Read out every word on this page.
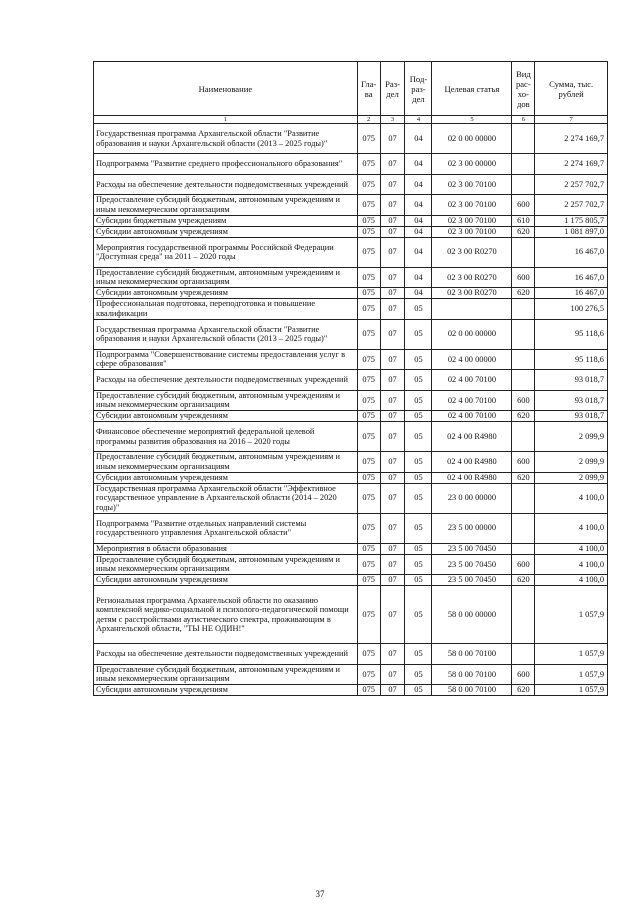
Наименование	Гла-ва	Раз-дел	Под-раз-дел	Целевая статья	Вид рас-хо-дов	Сумма, тыс. рублей
1	2	3	4	5	6	7
Государственная программа Архангельской области "Развитие образования и науки Архангельской области (2013 – 2025 годы)"	075	07	04	02 0 00 00000		2 274 169,7
Подпрограмма "Развитие среднего профессионального образования"	075	07	04	02 3 00 00000		2 274 169,7
Расходы на обеспечение деятельности подведомственных учреждений	075	07	04	02 3 00 70100		2 257 702,7
Предоставление субсидий бюджетным, автономным учреждениям и иным некоммерческим организациям	075	07	04	02 3 00 70100	600	2 257 702,7
Субсидии бюджетным учреждениям	075	07	04	02 3 00 70100	610	1 175 805,7
Субсидии автономным учреждениям	075	07	04	02 3 00 70100	620	1 081 897,0
Мероприятия государственной программы Российской Федерации "Доступная среда" на 2011 – 2020 годы	075	07	04	02 3 00 R0270		16 467,0
Предоставление субсидий бюджетным, автономным учреждениям и иным некоммерческим организациям	075	07	04	02 3 00 R0270	600	16 467,0
Субсидии автономным учреждениям	075	07	04	02 3 00 R0270	620	16 467,0
Профессиональная подготовка, переподготовка и повышение квалификации	075	07	05			100 276,5
Государственная программа Архангельской области "Развитие образования и науки Архангельской области (2013 – 2025 годы)"	075	07	05	02 0 00 00000		95 118,6
Подпрограмма "Совершенствование системы предоставления услуг в сфере образования"	075	07	05	02 4 00 00000		95 118,6
Расходы на обеспечение деятельности подведомственных учреждений	075	07	05	02 4 00 70100		93 018,7
Предоставление субсидий бюджетным, автономным учреждениям и иным некоммерческим организациям	075	07	05	02 4 00 70100	600	93 018,7
Субсидии автономным учреждениям	075	07	05	02 4 00 70100	620	93 018,7
Финансовое обеспечение мероприятий федеральной целевой программы развития образования на 2016 – 2020 годы	075	07	05	02 4 00 R4980		2 099,9
Предоставление субсидий бюджетным, автономным учреждениям и иным некоммерческим организациям	075	07	05	02 4 00 R4980	600	2 099,9
Субсидии автономным учреждениям	075	07	05	02 4 00 R4980	620	2 099,9
Государственная программа Архангельской области "Эффективное государственное управление в Архангельской области (2014 – 2020 годы)"	075	07	05	23 0 00 00000		4 100,0
Подпрограмма "Развитие отдельных направлений системы государственного управления Архангельской области"	075	07	05	23 5 00 00000		4 100,0
Мероприятия в области образования	075	07	05	23 5 00 70450		4 100,0
Предоставление субсидий бюджетным, автономным учреждениям и иным некоммерческим организациям	075	07	05	23 5 00 70450	600	4 100,0
Субсидии автономным учреждениям	075	07	05	23 5 00 70450	620	4 100,0
Региональная программа Архангельской области по оказанию комплексной медико-социальной и психолого-педагогической помощи детям с расстройствами аутистического спектра, проживающим в Архангельской области, "ТЫ НЕ ОДИН!"	075	07	05	58 0 00 00000		1 057,9
Расходы на обеспечение деятельности подведомственных учреждений	075	07	05	58 0 00 70100		1 057,9
Предоставление субсидий бюджетным, автономным учреждениям и иным некоммерческим организациям	075	07	05	58 0 00 70100	600	1 057,9
Субсидии автономным учреждениям	075	07	05	58 0 00 70100	620	1 057,9
37
